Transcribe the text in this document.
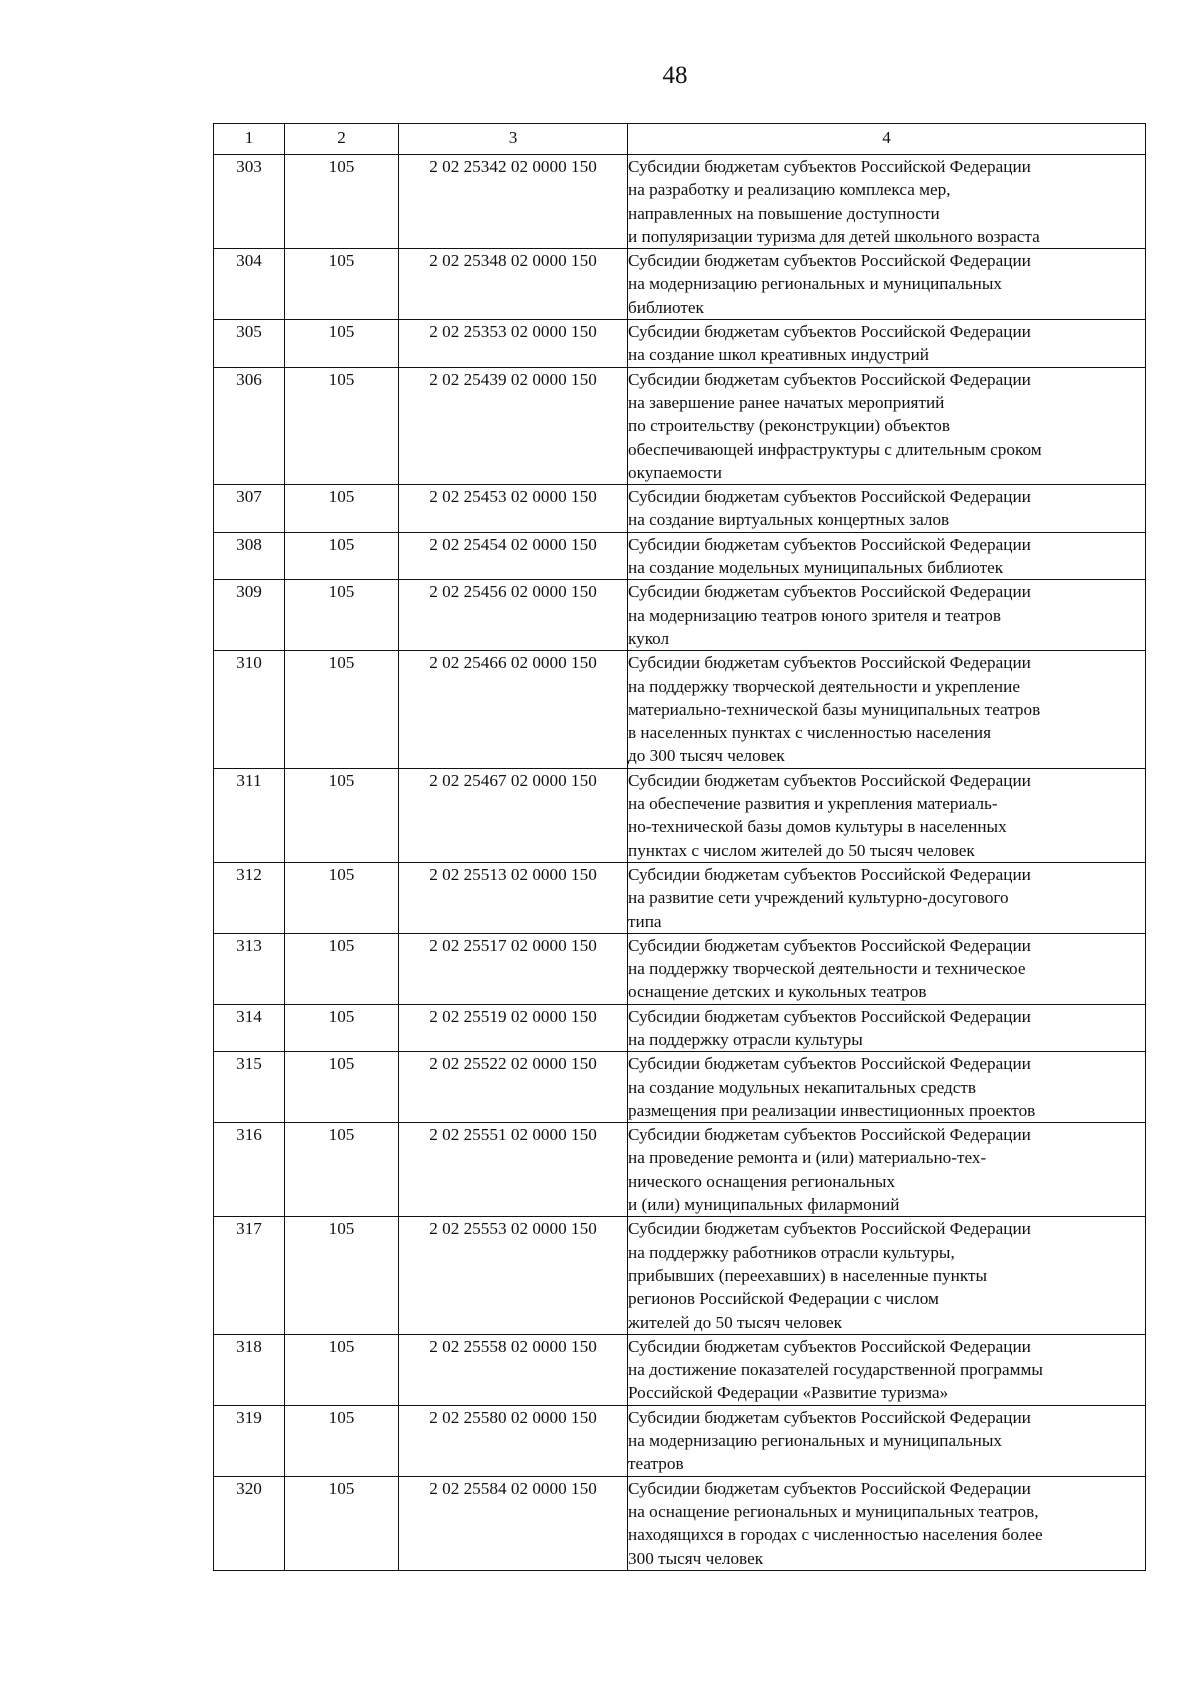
48
1	2	3	4
303	105	2 02 25342 02 0000 150	Субсидии бюджетам субъектов Российской Федерации
на разработку и реализацию комплекса мер,
направленных на повышение доступности
и популяризации туризма для детей школьного возраста

304	105	2 02 25348 02 0000 150	Субсидии бюджетам субъектов Российской Федерации
на модернизацию региональных и муниципальных
библиотек

305	105	2 02 25353 02 0000 150	Субсидии бюджетам субъектов Российской Федерации
на создание школ креативных индустрий

306	105	2 02 25439 02 0000 150	Субсидии бюджетам субъектов Российской Федерации
на завершение ранее начатых мероприятий
по строительству (реконструкции) объектов
обеспечивающей инфраструктуры с длительным сроком
окупаемости

307	105	2 02 25453 02 0000 150	Субсидии бюджетам субъектов Российской Федерации
на создание виртуальных концертных залов

308	105	2 02 25454 02 0000 150	Субсидии бюджетам субъектов Российской Федерации
на создание модельных муниципальных библиотек

309	105	2 02 25456 02 0000 150	Субсидии бюджетам субъектов Российской Федерации
на модернизацию театров юного зрителя и театров
кукол

310	105	2 02 25466 02 0000 150	Субсидии бюджетам субъектов Российской Федерации
на поддержку творческой деятельности и укрепление
материально-технической базы муниципальных театров
в населенных пунктах с численностью населения
до 300 тысяч человек

311	105	2 02 25467 02 0000 150	Субсидии бюджетам субъектов Российской Федерации
на обеспечение развития и укрепления материаль-
но-технической базы домов культуры в населенных
пунктах с числом жителей до 50 тысяч человек

312	105	2 02 25513 02 0000 150	Субсидии бюджетам субъектов Российской Федерации
на развитие сети учреждений культурно-досугового
типа

313	105	2 02 25517 02 0000 150	Субсидии бюджетам субъектов Российской Федерации
на поддержку творческой деятельности и техническое
оснащение детских и кукольных театров

314	105	2 02 25519 02 0000 150	Субсидии бюджетам субъектов Российской Федерации
на поддержку отрасли культуры

315	105	2 02 25522 02 0000 150	Субсидии бюджетам субъектов Российской Федерации
на создание модульных некапитальных средств
размещения при реализации инвестиционных проектов

316	105	2 02 25551 02 0000 150	Субсидии бюджетам субъектов Российской Федерации
на проведение ремонта и (или) материально-тех-
нического оснащения региональных
и (или) муниципальных филармоний

317	105	2 02 25553 02 0000 150	Субсидии бюджетам субъектов Российской Федерации
на поддержку работников отрасли культуры,
прибывших (переехавших) в населенные пункты
регионов Российской Федерации с числом
жителей до 50 тысяч человек

318	105	2 02 25558 02 0000 150	Субсидии бюджетам субъектов Российской Федерации
на достижение показателей государственной программы
Российской Федерации «Развитие туризма»

319	105	2 02 25580 02 0000 150	Субсидии бюджетам субъектов Российской Федерации
на модернизацию региональных и муниципальных
театров

320	105	2 02 25584 02 0000 150	Субсидии бюджетам субъектов Российской Федерации
на оснащение региональных и муниципальных театров,
находящихся в городах с численностью населения более
300 тысяч человек
